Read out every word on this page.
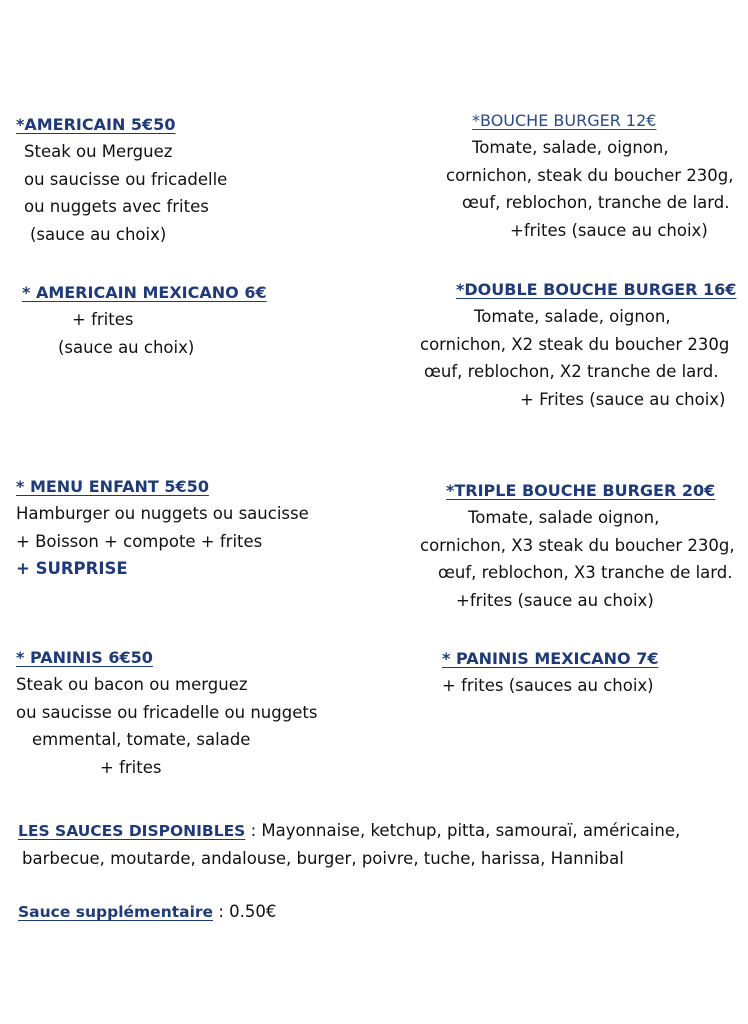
*AMERICAIN 5€50
Steak ou Merguez
ou saucisse ou fricadelle
ou nuggets avec frites
(sauce au choix)
* AMERICAIN MEXICANO 6€
+ frites
(sauce au choix)
* MENU ENFANT 5€50
Hamburger ou nuggets ou saucisse
+ Boisson + compote + frites
+ SURPRISE
* PANINIS 6€50
Steak ou bacon ou merguez
ou saucisse ou fricadelle ou nuggets
emmental, tomate, salade
+ frites
*BOUCHE BURGER 12€
Tomate, salade, oignon,
cornichon, steak du boucher 230g,
œuf, reblochon, tranche de lard.
+frites (sauce au choix)
*DOUBLE BOUCHE BURGER 16€
Tomate, salade, oignon,
cornichon, X2 steak du boucher 230g
œuf, reblochon, X2 tranche de lard.
+ Frites (sauce au choix)
*TRIPLE BOUCHE BURGER 20€
Tomate, salade oignon,
cornichon, X3 steak du boucher 230g,
œuf, reblochon, X3 tranche de lard.
+frites (sauce au choix)
* PANINIS MEXICANO 7€
+ frites (sauces au choix)
LES SAUCES DISPONIBLES : Mayonnaise, ketchup, pitta, samouraï, américaine,
barbecue, moutarde, andalouse, burger, poivre, tuche, harissa, Hannibal
Sauce supplémentaire : 0.50€
